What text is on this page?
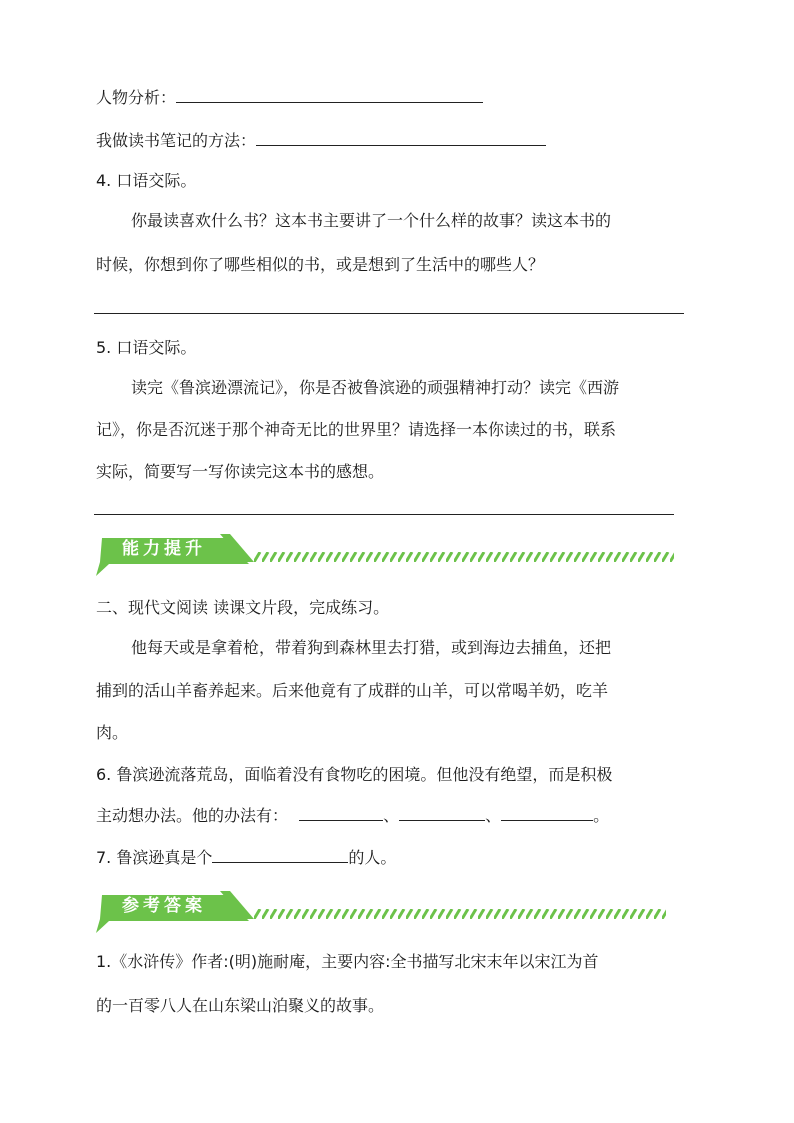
人物分析：
我做读书笔记的方法：
4. 口语交际。
你最读喜欢什么书？这本书主要讲了一个什么样的故事？读这本书的
时候，你想到你了哪些相似的书，或是想到了生活中的哪些人？
5. 口语交际。
读完《鲁滨逊漂流记》，你是否被鲁滨逊的顽强精神打动？读完《西游
记》，你是否沉迷于那个神奇无比的世界里？请选择一本你读过的书，联系
实际，简要写一写你读完这本书的感想。
能力提升
二、现代文阅读 读课文片段，完成练习。
他每天或是拿着枪，带着狗到森林里去打猎，或到海边去捕鱼，还把
捕到的活山羊畜养起来。后来他竟有了成群的山羊，可以常喝羊奶，吃羊
肉。
6. 鲁滨逊流落荒岛，面临着没有食物吃的困境。但他没有绝望，而是积极
主动想办法。他的办法有：	、	、	。
7. 鲁滨逊真是个	的人。
参考答案
1.《水浒传》作者:(明)施耐庵，主要内容:全书描写北宋末年以宋江为首
的一百零八人在山东梁山泊聚义的故事。
